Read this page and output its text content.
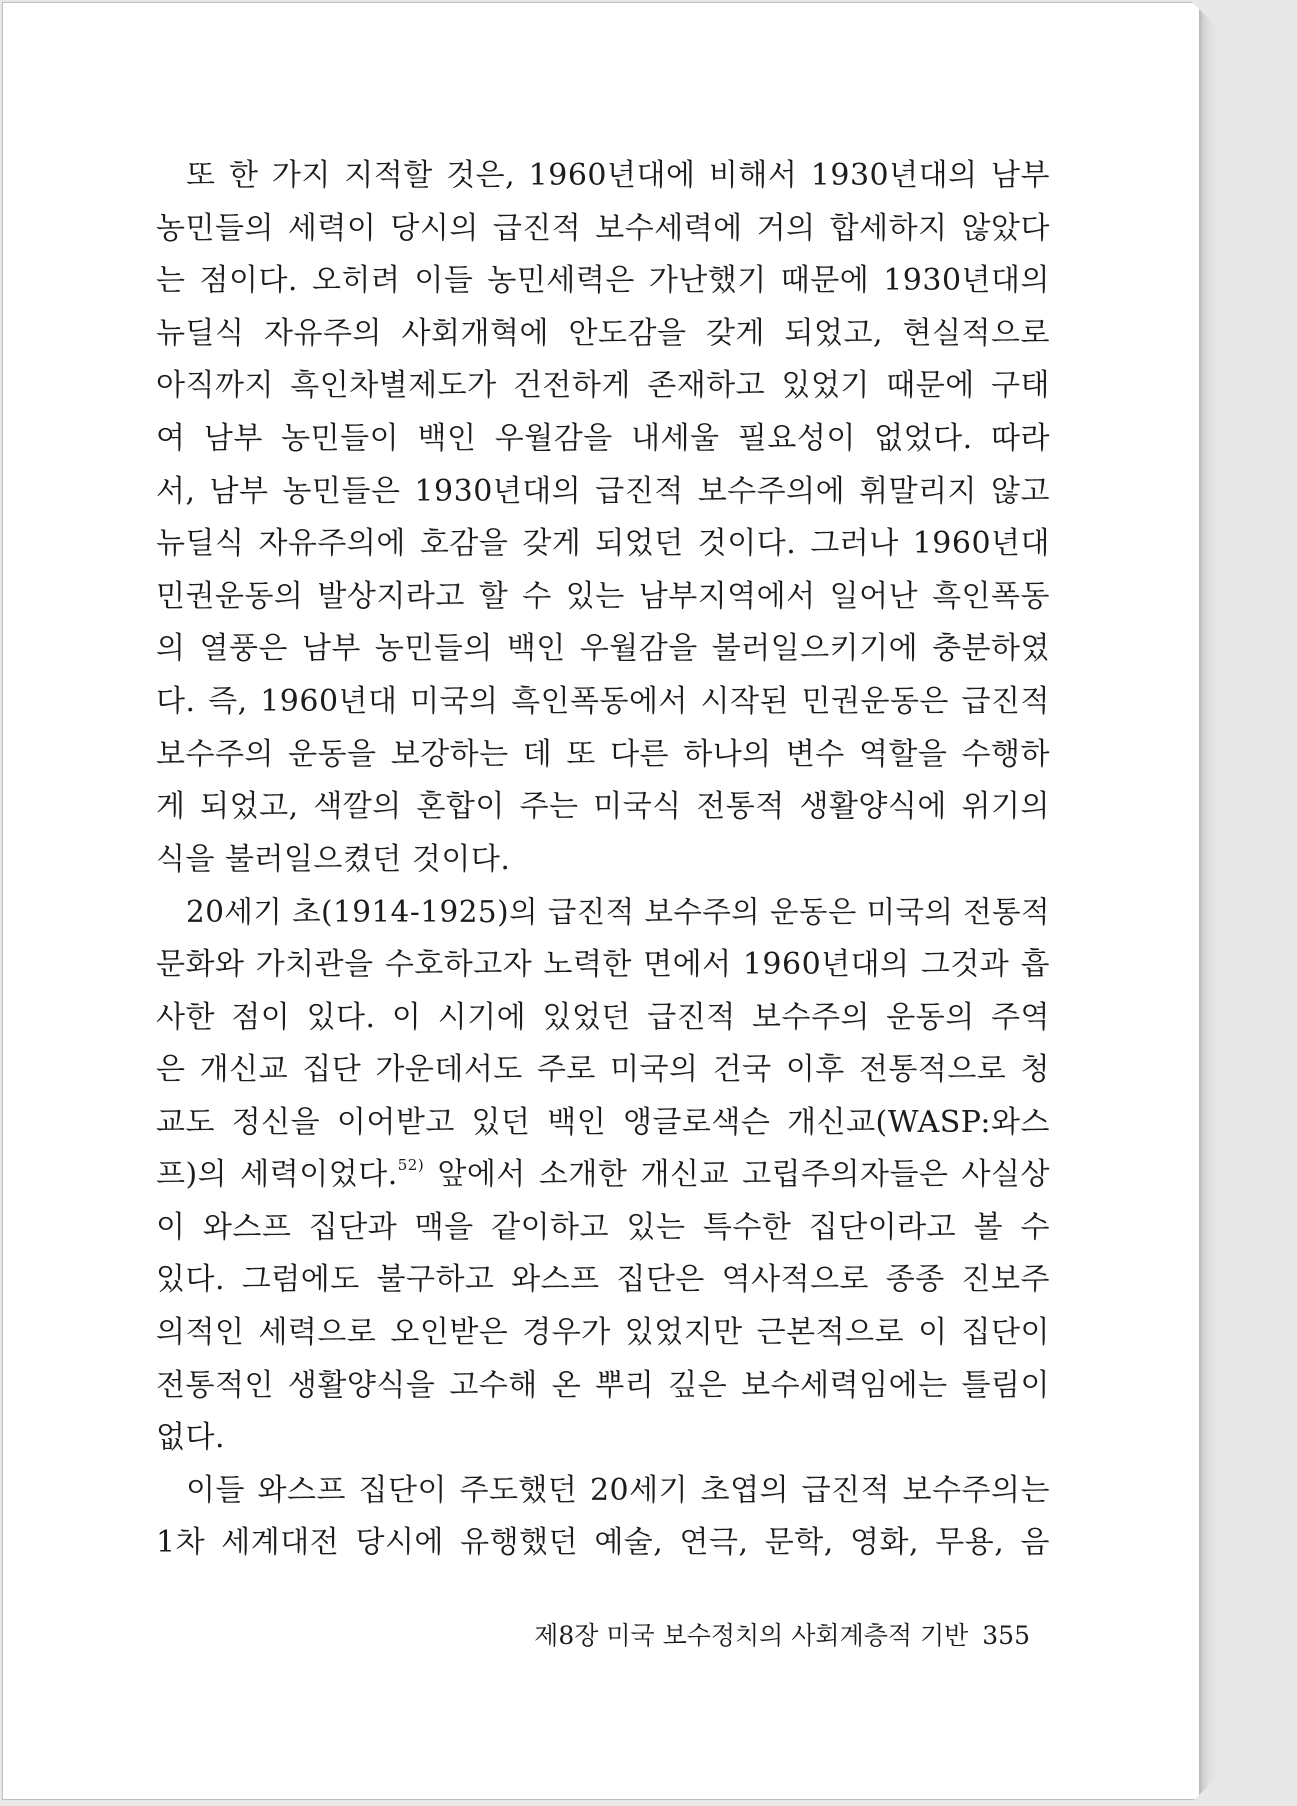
또 한 가지 지적할 것은, 1960년대에 비해서 1930년대의 남부
농민들의 세력이 당시의 급진적 보수세력에 거의 합세하지 않았다
는 점이다. 오히려 이들 농민세력은 가난했기 때문에 1930년대의
뉴딜식 자유주의 사회개혁에 안도감을 갖게 되었고, 현실적으로
아직까지 흑인차별제도가 건전하게 존재하고 있었기 때문에 구태
여 남부 농민들이 백인 우월감을 내세울 필요성이 없었다. 따라
서, 남부 농민들은 1930년대의 급진적 보수주의에 휘말리지 않고
뉴딜식 자유주의에 호감을 갖게 되었던 것이다. 그러나 1960년대
민권운동의 발상지라고 할 수 있는 남부지역에서 일어난 흑인폭동
의 열풍은 남부 농민들의 백인 우월감을 불러일으키기에 충분하였
다. 즉, 1960년대 미국의 흑인폭동에서 시작된 민권운동은 급진적
보수주의 운동을 보강하는 데 또 다른 하나의 변수 역할을 수행하
게 되었고, 색깔의 혼합이 주는 미국식 전통적 생활양식에 위기의
식을 불러일으켰던 것이다.
20세기 초(1914-1925)의 급진적 보수주의 운동은 미국의 전통적
문화와 가치관을 수호하고자 노력한 면에서 1960년대의 그것과 흡
사한 점이 있다. 이 시기에 있었던 급진적 보수주의 운동의 주역
은 개신교 집단 가운데서도 주로 미국의 건국 이후 전통적으로 청
교도 정신을 이어받고 있던 백인 앵글로색슨 개신교(WASP:와스
프)의 세력이었다.$^{52)}$ 앞에서 소개한 개신교 고립주의자들은 사실상
이 와스프 집단과 맥을 같이하고 있는 특수한 집단이라고 볼 수
있다. 그럼에도 불구하고 와스프 집단은 역사적으로 종종 진보주
의적인 세력으로 오인받은 경우가 있었지만 근본적으로 이 집단이
전통적인 생활양식을 고수해 온 뿌리 깊은 보수세력임에는 틀림이
없다.
이들 와스프 집단이 주도했던 20세기 초엽의 급진적 보수주의는
1차 세계대전 당시에 유행했던 예술, 연극, 문학, 영화, 무용, 음
제8장 미국 보수정치의 사회계층적 기반 355
